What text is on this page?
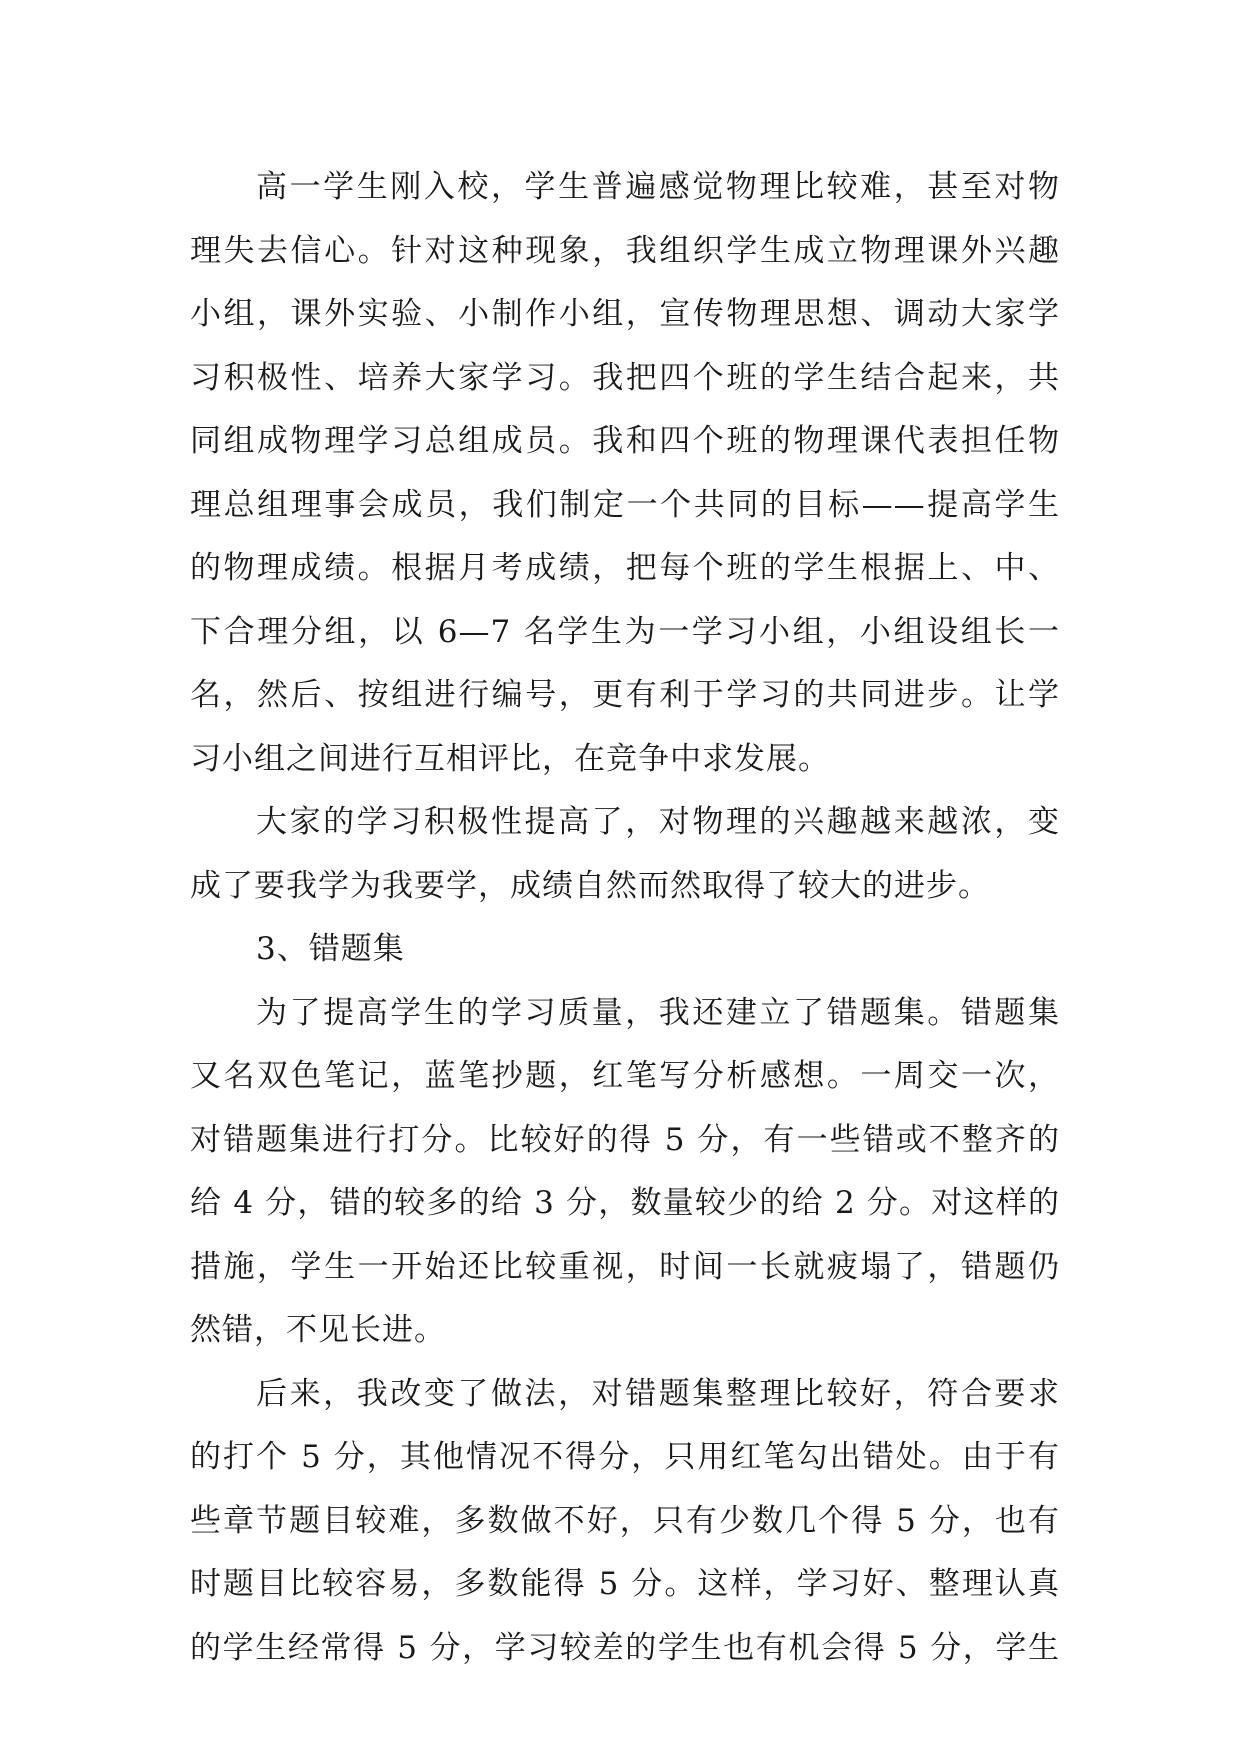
高一学生刚入校，学生普遍感觉物理比较难，甚至对物
理失去信心。针对这种现象，我组织学生成立物理课外兴趣
小组，课外实验、小制作小组，宣传物理思想、调动大家学
习积极性、培养大家学习。我把四个班的学生结合起来，共
同组成物理学习总组成员。我和四个班的物理课代表担任物
理总组理事会成员，我们制定一个共同的目标——提高学生
的物理成绩。根据月考成绩，把每个班的学生根据上、中、
下合理分组，以 6—7 名学生为一学习小组，小组设组长一
名，然后、按组进行编号，更有利于学习的共同进步。让学
习小组之间进行互相评比，在竞争中求发展。
大家的学习积极性提高了，对物理的兴趣越来越浓，变
成了要我学为我要学，成绩自然而然取得了较大的进步。
3、错题集
为了提高学生的学习质量，我还建立了错题集。错题集
又名双色笔记，蓝笔抄题，红笔写分析感想。一周交一次，
对错题集进行打分。比较好的得 5 分，有一些错或不整齐的
给 4 分，错的较多的给 3 分，数量较少的给 2 分。对这样的
措施，学生一开始还比较重视，时间一长就疲塌了，错题仍
然错，不见长进。
后来，我改变了做法，对错题集整理比较好，符合要求
的打个 5 分，其他情况不得分，只用红笔勾出错处。由于有
些章节题目较难，多数做不好，只有少数几个得 5 分，也有
时题目比较容易，多数能得 5 分。这样，学习好、整理认真
的学生经常得 5 分，学习较差的学生也有机会得 5 分，学生
